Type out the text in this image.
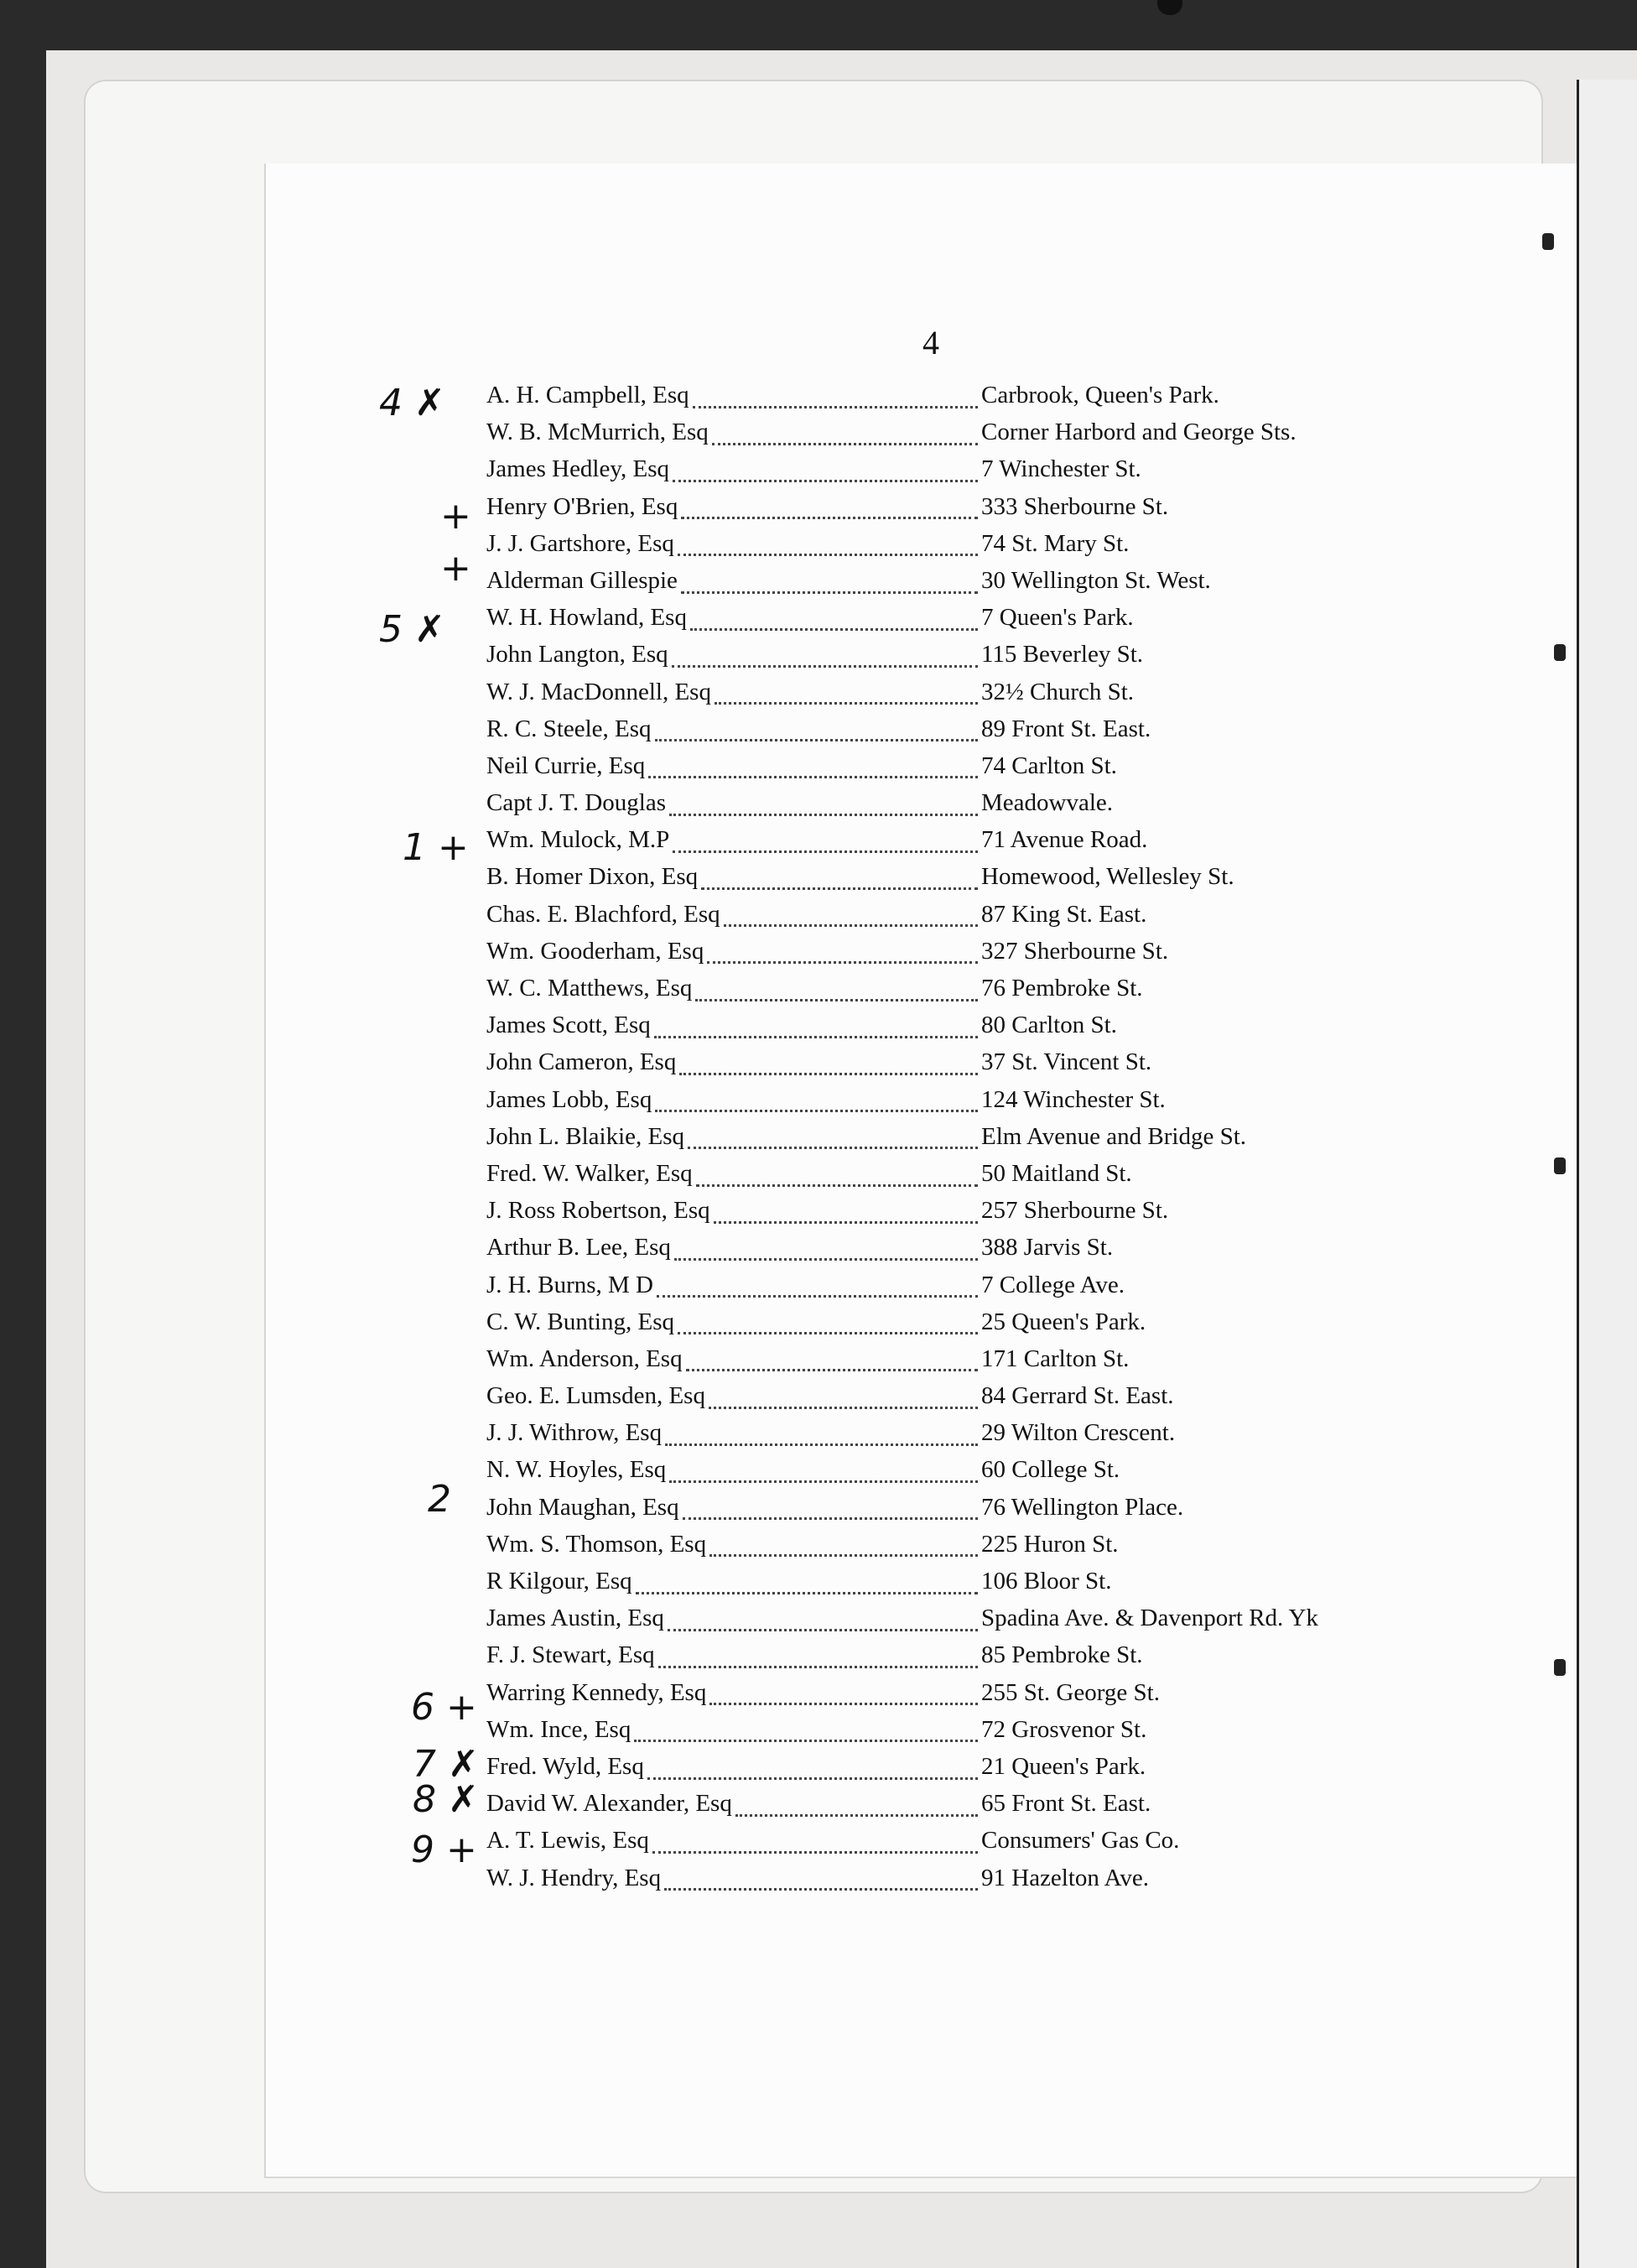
4
A. H. Campbell, Esq	Carbrook, Queen's Park.
W. B. McMurrich, Esq	Corner Harbord and George Sts.
James Hedley, Esq	7 Winchester St.
Henry O'Brien, Esq	333 Sherbourne St.
J. J. Gartshore, Esq	74 St. Mary St.
Alderman Gillespie	30 Wellington St. West.
W. H. Howland, Esq	7 Queen's Park.
John Langton, Esq	115 Beverley St.
W. J. MacDonnell, Esq	32½ Church St.
R. C. Steele, Esq	89 Front St. East.
Neil Currie, Esq	74 Carlton St.
Capt J. T. Douglas	Meadowvale.
Wm. Mulock, M.P	71 Avenue Road.
B. Homer Dixon, Esq	Homewood, Wellesley St.
Chas. E. Blachford, Esq	87 King St. East.
Wm. Gooderham, Esq	327 Sherbourne St.
W. C. Matthews, Esq	76 Pembroke St.
James Scott, Esq	80 Carlton St.
John Cameron, Esq	37 St. Vincent St.
James Lobb, Esq	124 Winchester St.
John L. Blaikie, Esq	Elm Avenue and Bridge St.
Fred. W. Walker, Esq	50 Maitland St.
J. Ross Robertson, Esq	257 Sherbourne St.
Arthur B. Lee, Esq	388 Jarvis St.
J. H. Burns, M D	7 College Ave.
C. W. Bunting, Esq	25 Queen's Park.
Wm. Anderson, Esq	171 Carlton St.
Geo. E. Lumsden, Esq	84 Gerrard St. East.
J. J. Withrow, Esq	29 Wilton Crescent.
N. W. Hoyles, Esq	60 College St.
John Maughan, Esq	76 Wellington Place.
Wm. S. Thomson, Esq	225 Huron St.
R Kilgour, Esq	106 Bloor St.
James Austin, Esq	Spadina Ave. & Davenport Rd. Yk
F. J. Stewart, Esq	85 Pembroke St.
Warring Kennedy, Esq	255 St. George St.
Wm. Ince, Esq	72 Grosvenor St.
Fred. Wyld, Esq	21 Queen's Park.
David W. Alexander, Esq	65 Front St. East.
A. T. Lewis, Esq	Consumers' Gas Co.
W. J. Hendry, Esq	91 Hazelton Ave.
4 ✗
+
+
5 ✗
1 +
2
6 +
7 ✗
8 ✗
9 +
